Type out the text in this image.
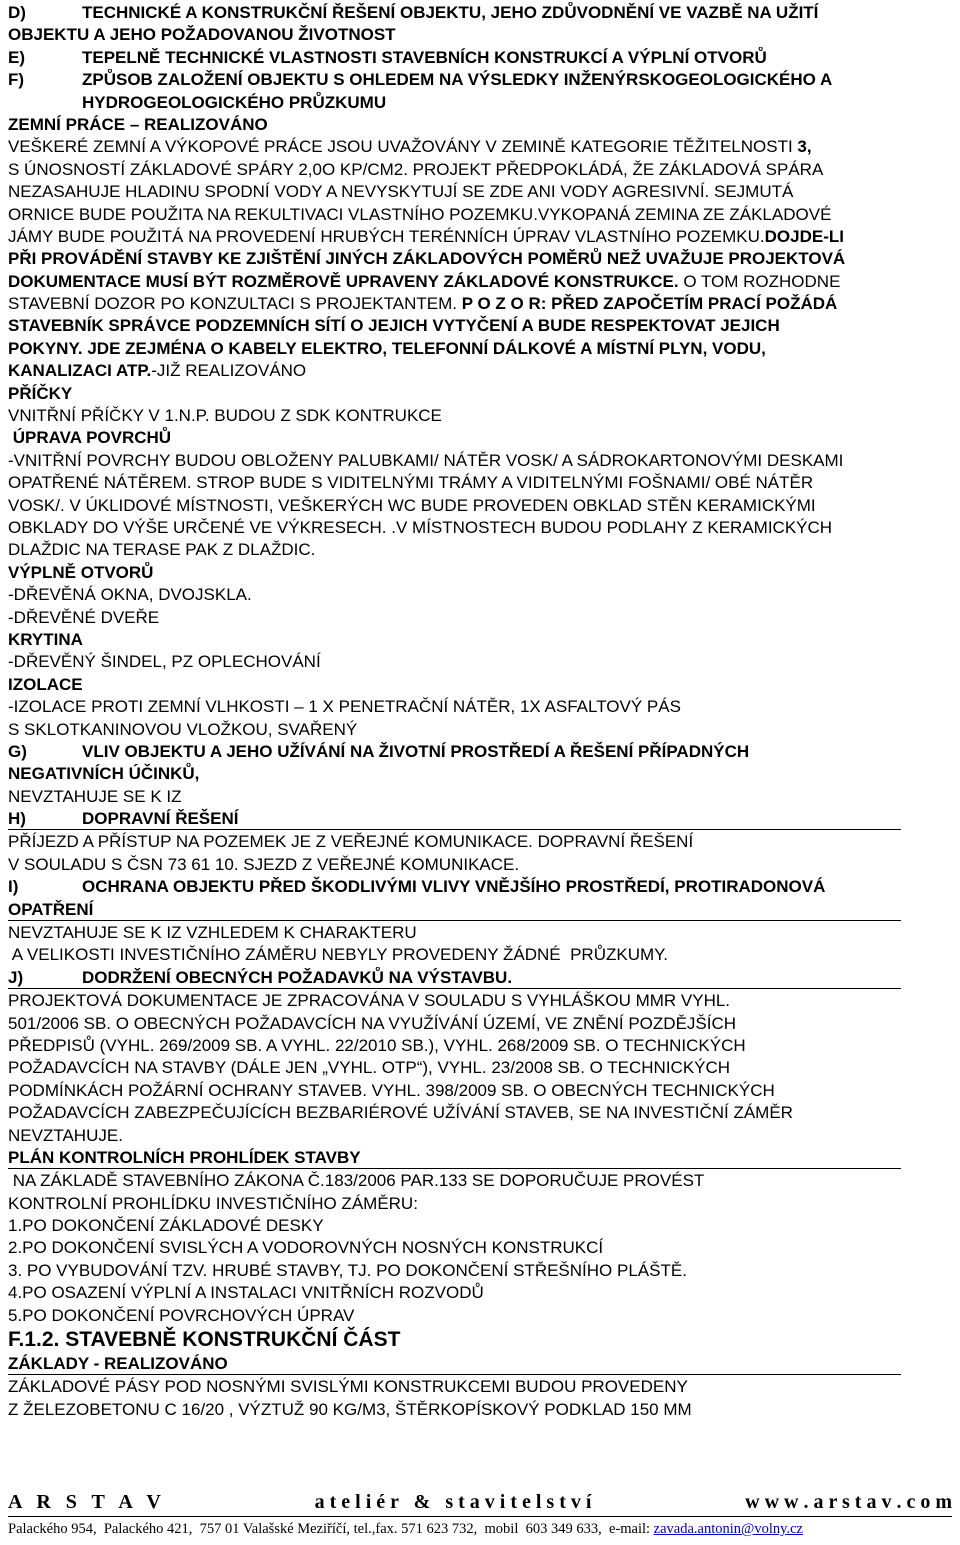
D)	TECHNICKÉ A KONSTRUKČNÍ ŘEŠENÍ OBJEKTU, JEHO ZDŮVODNĚNÍ VE VAZBĚ NA UŽITÍ
OBJEKTU A JEHO POŽADOVANOU ŽIVOTNOST
E)	TEPELNĚ TECHNICKÉ VLASTNOSTI STAVEBNÍCH KONSTRUKCÍ A VÝPLNÍ OTVORŮ
F)	ZPŮSOB ZALOŽENÍ OBJEKTU S OHLEDEM NA VÝSLEDKY INŽENÝRSKOGEOLOGICKÉHO A
HYDROGEOLOGICKÉHO PRŮZKUMU
ZEMNÍ PRÁCE – REALIZOVÁNO
VEŠKERÉ ZEMNÍ A VÝKOPOVÉ PRÁCE JSOU UVAŽOVÁNY V ZEMINĚ KATEGORIE TĚŽITELNOSTI 3,
S ÚNOSNOSTÍ ZÁKLADOVÉ SPÁRY 2,0O KP/CM2. PROJEKT PŘEDPOKLÁDÁ, ŽE ZÁKLADOVÁ SPÁRA
NEZASAHUJE HLADINU SPODNÍ VODY A NEVYSKYTUJÍ SE ZDE ANI VODY AGRESIVNÍ. SEJMUTÁ
ORNICE BUDE POUŽITA NA REKULTIVACI VLASTNÍHO POZEMKU.VYKOPANÁ ZEMINA ZE ZÁKLADOVÉ
JÁMY BUDE POUŽITÁ NA PROVEDENÍ HRUBÝCH TERÉNNÍCH ÚPRAV VLASTNÍHO POZEMKU.DOJDE-LI
PŘI PROVÁDĚNÍ STAVBY KE ZJIŠTĚNÍ JINÝCH ZÁKLADOVÝCH POMĚRŮ NEŽ UVAŽUJE PROJEKTOVÁ
DOKUMENTACE MUSÍ BÝT ROZMĚROVĚ UPRAVENY ZÁKLADOVÉ KONSTRUKCE. O TOM ROZHODNE
STAVEBNÍ DOZOR PO KONZULTACI S PROJEKTANTEM. P O Z O R: PŘED ZAPOČETÍM PRACÍ POŽÁDÁ
STAVEBNÍK SPRÁVCE PODZEMNÍCH SÍTÍ O JEJICH VYTYČENÍ A BUDE RESPEKTOVAT JEJICH
POKYNY. JDE ZEJMÉNA O KABELY ELEKTRO, TELEFONNÍ DÁLKOVÉ A MÍSTNÍ PLYN, VODU,
KANALIZACI ATP.-JIŽ REALIZOVÁNO
PŘÍČKY
VNITŘNÍ PŘÍČKY V 1.N.P. BUDOU Z SDK KONTRUKCE
ÚPRAVA POVRCHŮ
-VNITŘNÍ POVRCHY BUDOU OBLOŽENY PALUBKAMI/ NÁTĚR VOSK/ A SÁDROKARTONOVÝMI DESKAMI
OPATŘENÉ NÁTĚREM. STROP BUDE S VIDITELNÝMI TRÁMY A VIDITELNÝMI FOŠNAMI/ OBÉ NÁTĚR
VOSK/. V ÚKLIDOVÉ MÍSTNOSTI, VEŠKERÝCH WC BUDE PROVEDEN OBKLAD STĚN KERAMICKÝMI
OBKLADY DO VÝŠE URČENÉ VE VÝKRESECH. .V MÍSTNOSTECH BUDOU PODLAHY Z KERAMICKÝCH
DLAŽDIC NA TERASE PAK Z DLAŽDIC.
VÝPLNĚ OTVORŮ
-DŘEVĚNÁ OKNA, DVOJSKLA.
-DŘEVĚNÉ DVEŘE
KRYTINA
-DŘEVĚNÝ ŠINDEL, PZ OPLECHOVÁNÍ
IZOLACE
-IZOLACE PROTI ZEMNÍ VLHKOSTI – 1 X PENETRAČNÍ NÁTĚR, 1X ASFALTOVÝ PÁS
S SKLOTKANINOVOU VLOŽKOU, SVAŘENÝ
G)	VLIV OBJEKTU A JEHO UŽÍVÁNÍ NA ŽIVOTNÍ PROSTŘEDÍ A ŘEŠENÍ PŘÍPADNÝCH
NEGATIVNÍCH ÚČINKŮ,
NEVZTAHUJE SE K IZ
H)	DOPRAVNÍ ŘEŠENÍ
PŘÍJEZD A PŘÍSTUP NA POZEMEK JE Z VEŘEJNÉ KOMUNIKACE. DOPRAVNÍ ŘEŠENÍ
V SOULADU S ČSN 73 61 10. SJEZD Z VEŘEJNÉ KOMUNIKACE.
I)	OCHRANA OBJEKTU PŘED ŠKODLIVÝMI VLIVY VNĚJŠÍHO PROSTŘEDÍ, PROTIRADONOVÁ
OPATŘENÍ
NEVZTAHUJE SE K IZ VZHLEDEM K CHARAKTERU
A VELIKOSTI INVESTIČNÍHO ZÁMĚRU NEBYLY PROVEDENY ŽÁDNÉ  PRŮZKUMY.
J)	DODRŽENÍ OBECNÝCH POŽADAVKŮ NA VÝSTAVBU.
PROJEKTOVÁ DOKUMENTACE JE ZPRACOVÁNA V SOULADU S VYHLÁŠKOU MMR VYHL.
501/2006 SB. O OBECNÝCH POŽADAVCÍCH NA VYUŽÍVÁNÍ ÚZEMÍ, VE ZNĚNÍ POZDĚJŠÍCH
PŘEDPISŮ (VYHL. 269/2009 SB. A VYHL. 22/2010 SB.), VYHL. 268/2009 SB. O TECHNICKÝCH
POŽADAVCÍCH NA STAVBY (DÁLE JEN „VYHL. OTP“), VYHL. 23/2008 SB. O TECHNICKÝCH
PODMÍNKÁCH POŽÁRNÍ OCHRANY STAVEB. VYHL. 398/2009 SB. O OBECNÝCH TECHNICKÝCH
POŽADAVCÍCH ZABEZPEČUJÍCÍCH BEZBARIÉROVÉ UŽÍVÁNÍ STAVEB, SE NA INVESTIČNÍ ZÁMĚR
NEVZTAHUJE.
PLÁN KONTROLNÍCH PROHLÍDEK STAVBY
NA ZÁKLADĚ STAVEBNÍHO ZÁKONA Č.183/2006 PAR.133 SE DOPORUČUJE PROVÉST
KONTROLNÍ PROHLÍDKU INVESTIČNÍHO ZÁMĚRU:
1.PO DOKONČENÍ ZÁKLADOVÉ DESKY
2.PO DOKONČENÍ SVISLÝCH A VODOROVNÝCH NOSNÝCH KONSTRUKCÍ
3. PO VYBUDOVÁNÍ TZV. HRUBÉ STAVBY, TJ. PO DOKONČENÍ STŘEŠNÍHO PLÁŠTĚ.
4.PO OSAZENÍ VÝPLNÍ A INSTALACI VNITŘNÍCH ROZVODŮ
5.PO DOKONČENÍ POVRCHOVÝCH ÚPRAV
F.1.2. STAVEBNĚ KONSTRUKČNÍ ČÁST
ZÁKLADY - REALIZOVÁNO
ZÁKLADOVÉ PÁSY POD NOSNÝMI SVISLÝMI KONSTRUKCEMI BUDOU PROVEDENY
Z ŽELEZOBETONU C 16/20 , VÝZTUŽ 90 KG/M3, ŠTĚRKOPÍSKOVÝ PODKLAD 150 MM
A   R   S   T   A   V	a t e l i é r   &   s t a v i t e l s t v í	w w w . a r s t a v . c o m
Palackého 954,  Palackého 421,  757 01 Valašské Meziříčí, tel.,fax. 571 623 732,  mobil  603 349 633,  e-mail: zavada.antonin@volny.cz
